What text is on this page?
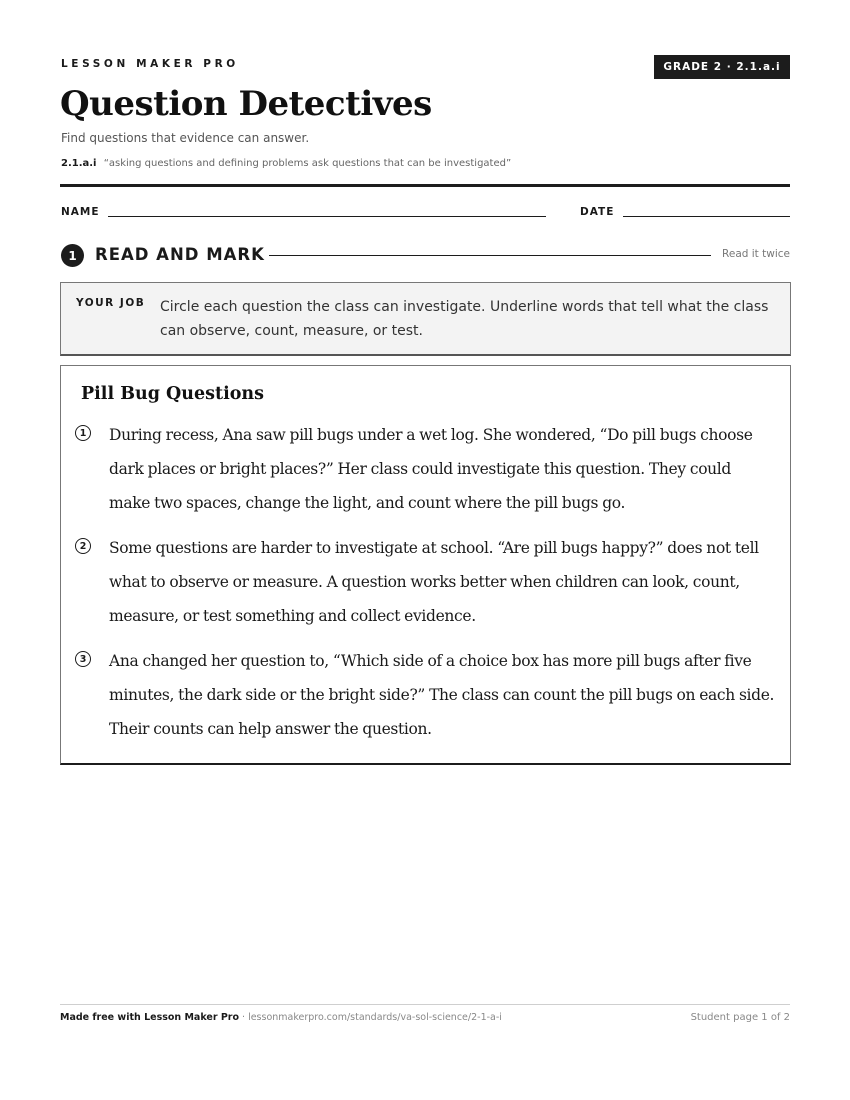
LESSON MAKER PRO	GRADE 2 · 2.1.a.i
Question Detectives
Find questions that evidence can answer.
2.1.a.i “asking questions and defining problems ask questions that can be investigated”
NAME	DATE
1	READ AND MARK	Read it twice
YOUR JOB Circle each question the class can investigate. Underline words that tell what the class can observe, count, measure, or test.
Pill Bug Questions
1	During recess, Ana saw pill bugs under a wet log. She wondered, “Do pill bugs choose dark places or bright places?” Her class could investigate this question. They could make two spaces, change the light, and count where the pill bugs go.
2	Some questions are harder to investigate at school. “Are pill bugs happy?” does not tell what to observe or measure. A question works better when children can look, count, measure, or test something and collect evidence.
3	Ana changed her question to, “Which side of a choice box has more pill bugs after five minutes, the dark side or the bright side?” The class can count the pill bugs on each side. Their counts can help answer the question.
Made free with Lesson Maker Pro · lessonmakerpro.com/standards/va-sol-science/2-1-a-i	Student page 1 of 2
